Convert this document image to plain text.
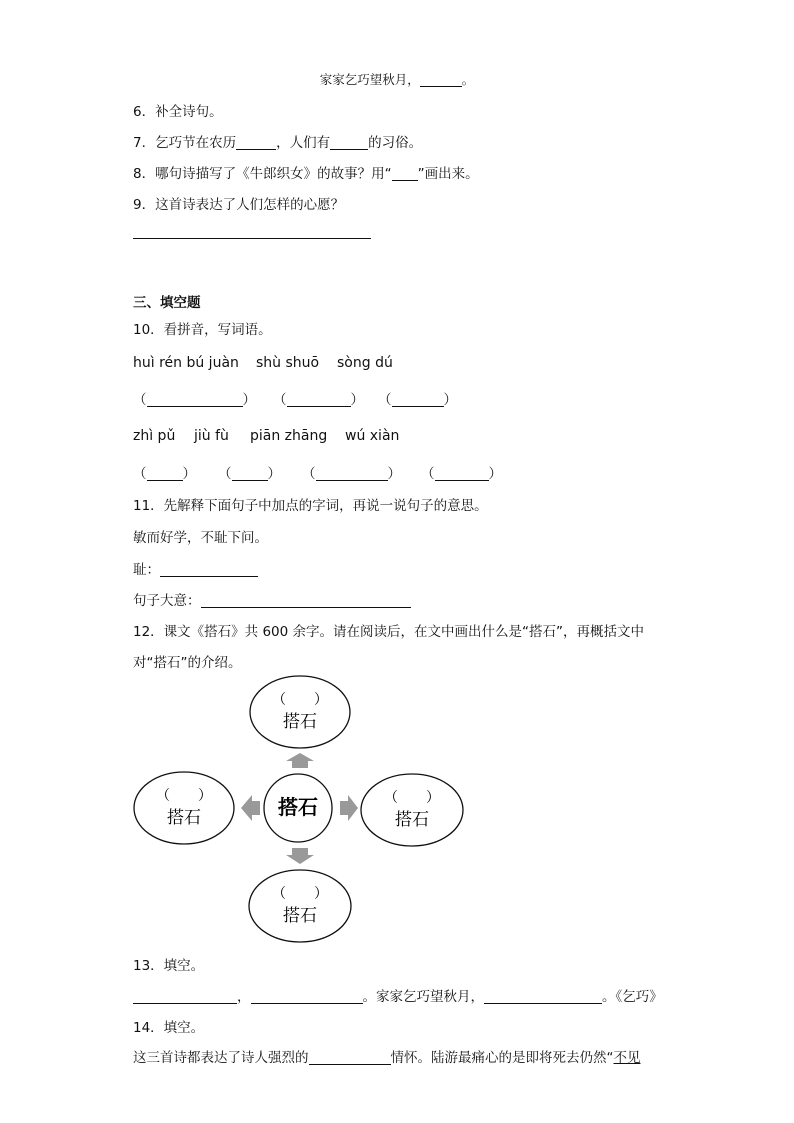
家家乞巧望秋月，	。
6．补全诗句。
7．乞巧节在农历	，人们有	的习俗。
8．哪句诗描写了《牛郎织女》的故事？用“ ”画出来。
9．这首诗表达了人们怎样的心愿？
三、填空题
10．看拼音，写词语。
huì rén bú juàn shù shuō sòng dú
（	） （	） （	）
zhì pǔ jiù fù piān zhāng wú xiàn
（	） （	） （	） （	）
11．先解释下面句子中加点的字词，再说一说句子的意思。
敏而好学，不耻下问。
耻：
句子大意：
12．课文《搭石》共 600 余字。请在阅读后，在文中画出什么是“搭石”，再概括文中
对“搭石”的介绍。
（　　）
搭石
（　　）
搭石
（　　）
搭石
（　　）
搭石
搭石
13．填空。
，	。家家乞巧望秋月，	。《乞巧》
14．填空。
这三首诗都表达了诗人强烈的	情怀。陆游最痛心的是即将死去仍然“不见
